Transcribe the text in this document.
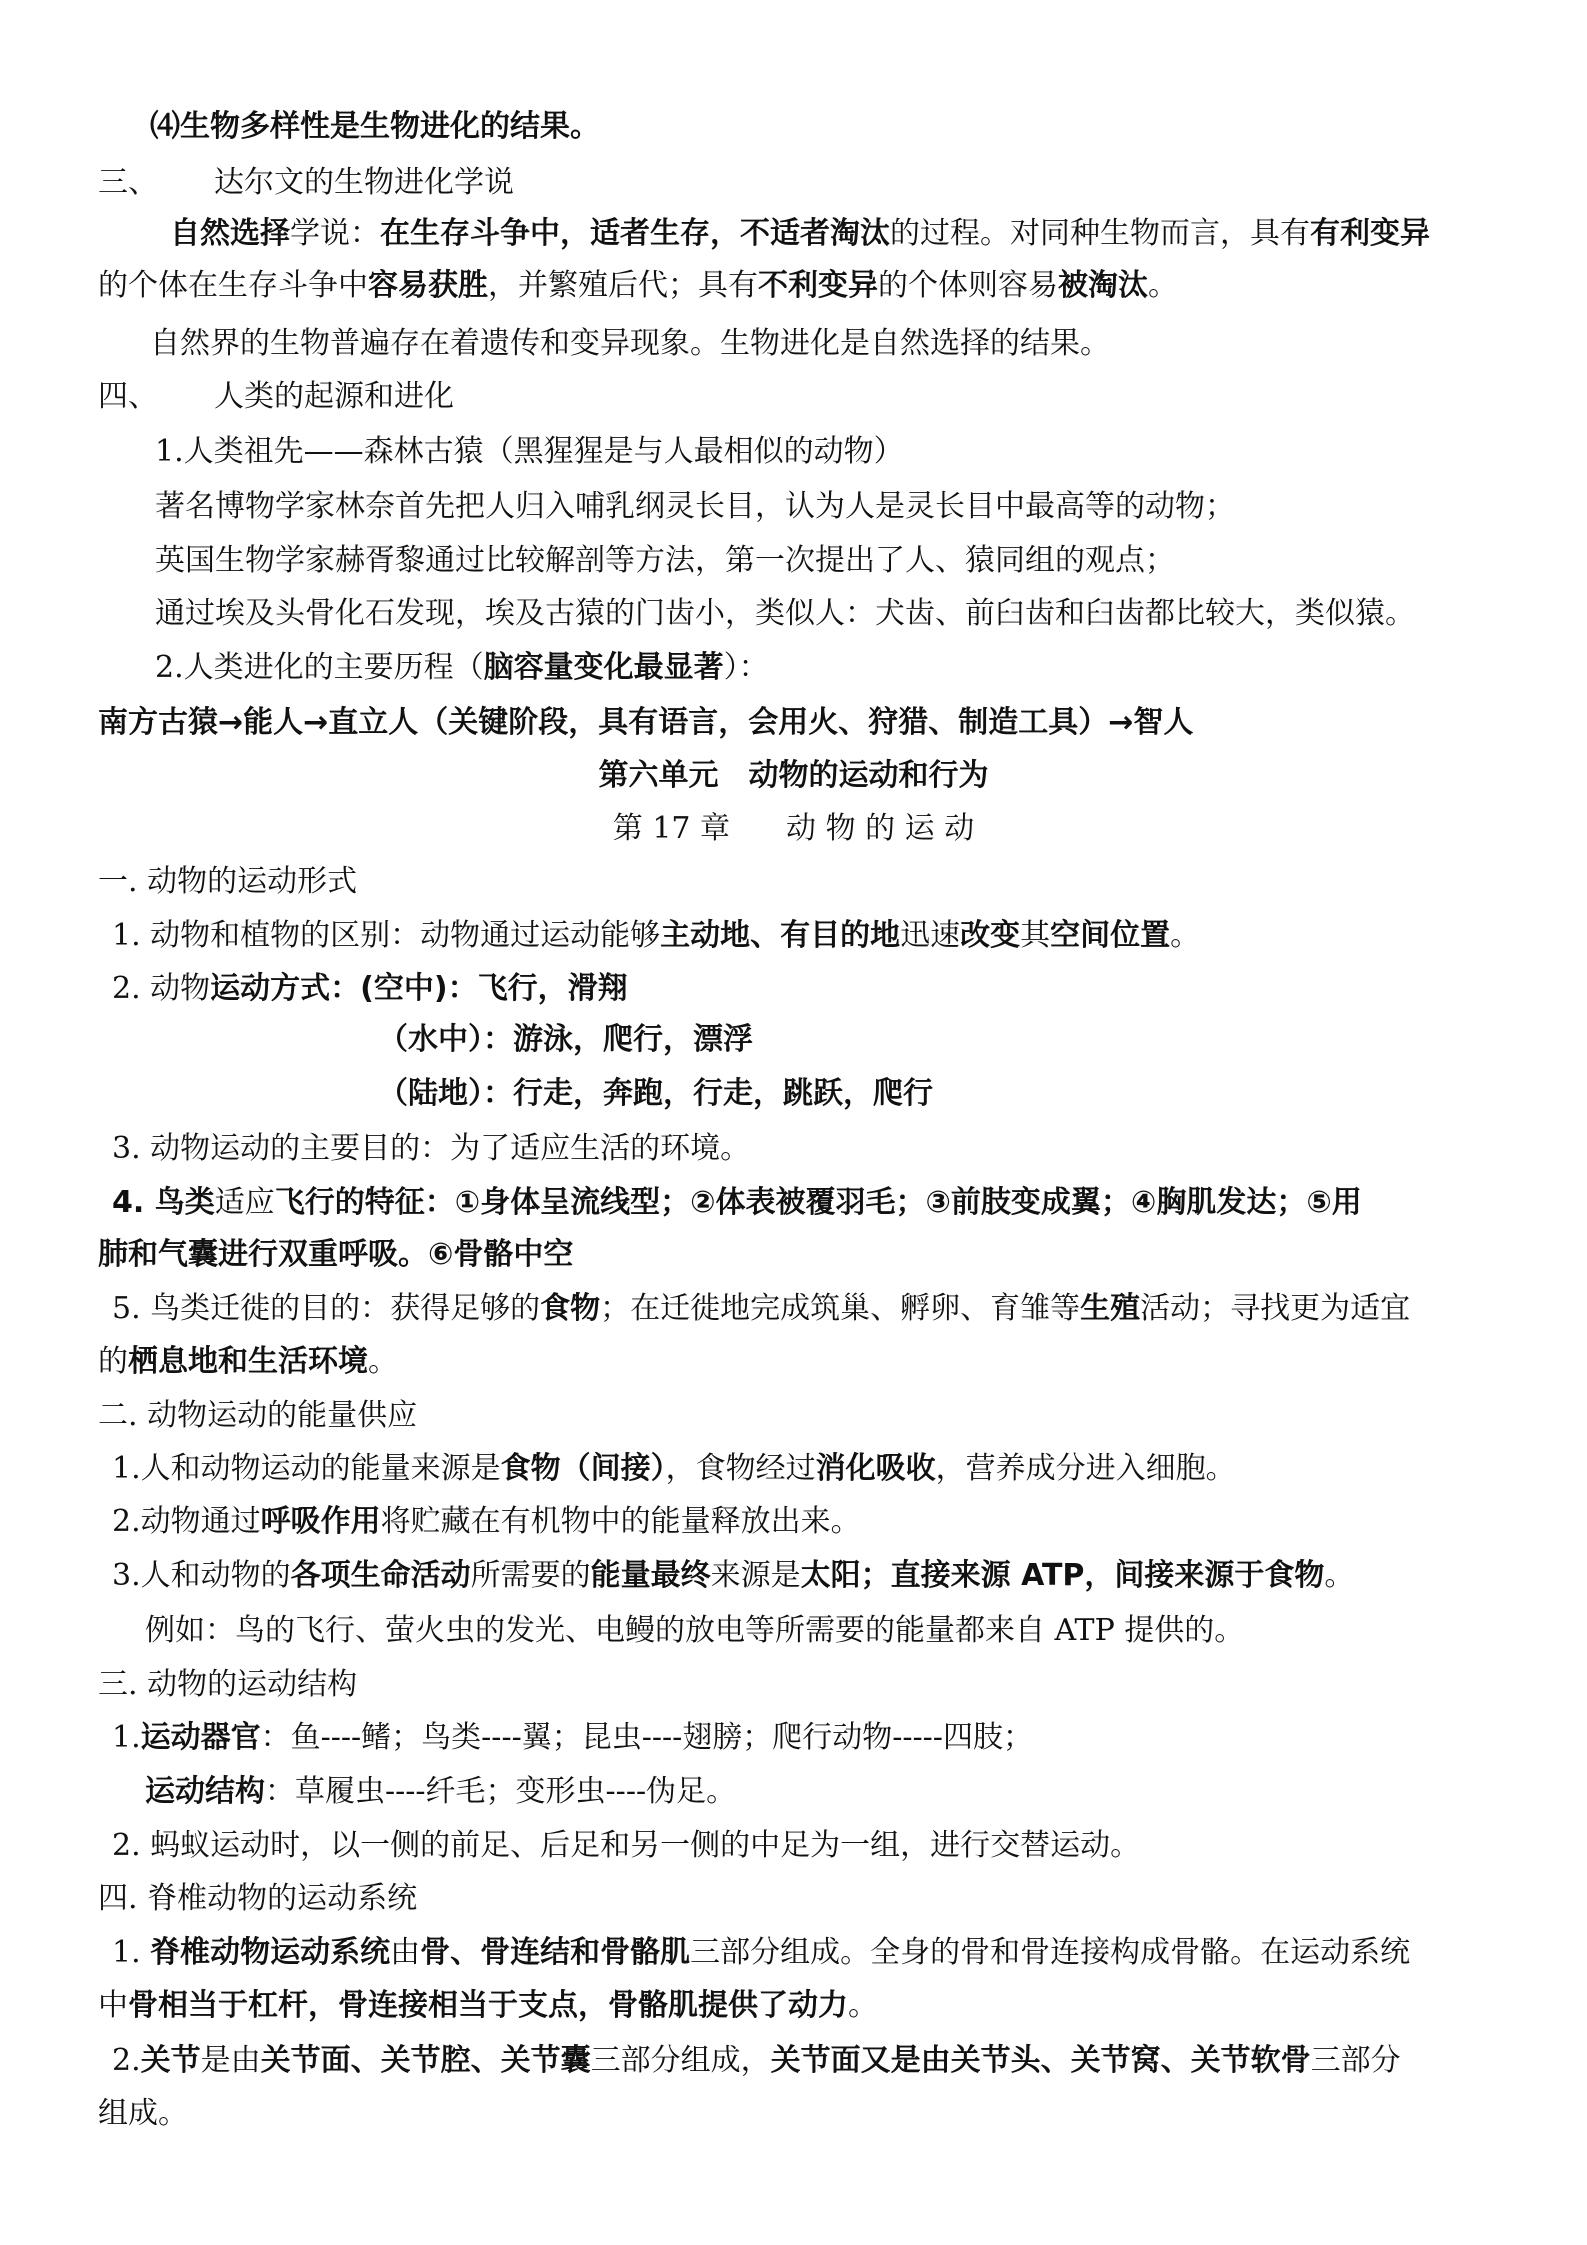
⑷生物多样性是生物进化的结果。
三、 达尔文的生物进化学说
自然选择学说：在生存斗争中，适者生存，不适者淘汰的过程。对同种生物而言，具有有利变异
的个体在生存斗争中容易获胜，并繁殖后代；具有不利变异的个体则容易被淘汰。
自然界的生物普遍存在着遗传和变异现象。生物进化是自然选择的结果。
四、 人类的起源和进化
1.人类祖先——森林古猿（黑猩猩是与人最相似的动物）
著名博物学家林奈首先把人归入哺乳纲灵长目，认为人是灵长目中最高等的动物；
英国生物学家赫胥黎通过比较解剖等方法，第一次提出了人、猿同组的观点；
通过埃及头骨化石发现，埃及古猿的门齿小，类似人：犬齿、前臼齿和臼齿都比较大，类似猿。
2.人类进化的主要历程（脑容量变化最显著）：
南方古猿→能人→直立人（关键阶段，具有语言，会用火、狩猎、制造工具）→智人
第六单元　动物的运动和行为
第 17 章 动 物 的 运 动
一. 动物的运动形式
1. 动物和植物的区别：动物通过运动能够主动地、有目的地迅速改变其空间位置。
2. 动物运动方式：(空中)：飞行，滑翔
（水中）：游泳，爬行，漂浮
（陆地）：行走，奔跑，行走，跳跃，爬行
3. 动物运动的主要目的：为了适应生活的环境。
4. 鸟类适应飞行的特征：①身体呈流线型；②体表被覆羽毛；③前肢变成翼；④胸肌发达；⑤用
肺和气囊进行双重呼吸。⑥骨骼中空
5. 鸟类迁徙的目的：获得足够的食物；在迁徙地完成筑巢、孵卵、育雏等生殖活动；寻找更为适宜
的栖息地和生活环境。
二. 动物运动的能量供应
1.人和动物运动的能量来源是食物（间接），食物经过消化吸收，营养成分进入细胞。
2.动物通过呼吸作用将贮藏在有机物中的能量释放出来。
3.人和动物的各项生命活动所需要的能量最终来源是太阳；直接来源 ATP，间接来源于食物。
例如：鸟的飞行、萤火虫的发光、电鳗的放电等所需要的能量都来自 ATP 提供的。
三. 动物的运动结构
1.运动器官：鱼----鳍；鸟类----翼；昆虫----翅膀；爬行动物-----四肢；
运动结构：草履虫----纤毛；变形虫----伪足。
2. 蚂蚁运动时，以一侧的前足、后足和另一侧的中足为一组，进行交替运动。
四. 脊椎动物的运动系统
1. 脊椎动物运动系统由骨、骨连结和骨骼肌三部分组成。全身的骨和骨连接构成骨骼。在运动系统
中骨相当于杠杆，骨连接相当于支点，骨骼肌提供了动力。
2.关节是由关节面、关节腔、关节囊三部分组成，关节面又是由关节头、关节窝、关节软骨三部分
组成。
